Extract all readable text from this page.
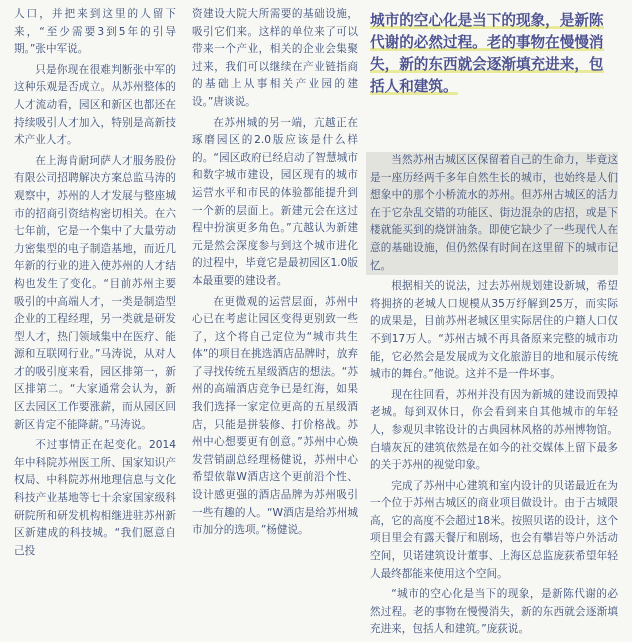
人口，并把来到这里的人留下来，“至少需要3到5年的引导期。”张中军说。

只是你现在很难判断张中军的这种乐观是否成立。从苏州整体的人才流动看，园区和新区也都还在持续吸引人才加入，特别是高新技术产业人才。

在上海肯耐珂萨人才服务股份有限公司招聘解决方案总监马涛的观察中，苏州的人才发展与整座城市的招商引资结构密切相关。在六七年前，它是一个集中了大量劳动力密集型的电子制造基地，而近几年新的行业的进入使苏州的人才结构也发生了变化。“目前苏州主要吸引的中高端人才，一类是制造型企业的工程经理，另一类就是研发型人才，热门领域集中在医疗、能源和互联网行业。”马涛说，从对人才的吸引度来看，园区排第一，新区排第二。“大家通常会认为，新区去园区工作要涨薪，而从园区回新区肯定不能降薪。”马涛说。

不过事情正在起变化。2014年中科院苏州医工所、国家知识产权局、中科院苏州地理信息与文化科技产业基地等七十余家国家级科研院所和研发机构相继进驻苏州新区新建成的科技城。“我们愿意自己投

资建设大院大所需要的基础设施，吸引它们来。这样的单位来了可以带来一个产业，相关的企业会集聚过来，我们可以继续在产业链指商的基础上从事相关产业园的建设。”唐谈说。

在苏州城的另一端，亢越正在琢磨园区的2.0版应该是什么样的。“园区政府已经启动了智慧城市和数字城市建设，园区现有的城市运营水平和市民的体验都能提升到一个新的层面上。新建元会在这过程中扮演更多角色。”亢越认为新建元是然会深度参与到这个城市进化的过程中，毕竟它是最初园区1.0版本最重要的建设者。

在更微观的运营层面，苏州中心已在考虑让园区变得更别致一些了，这个将自己定位为“城市共生体”的项目在挑选酒店品牌时，放弃了寻找传统五星级酒店的想法。“苏州的高端酒店竞争已是红海，如果我们选择一家定位更高的五星级酒店，只能是拼装修、打价格战。苏州中心想要更有创意。”苏州中心焕发营销副总经理杨健说，苏州中心希望依靠W酒店这个更前沿个性、设计感更强的酒店品牌为苏州吸引一些有趣的人。“W酒店是给苏州城市加分的选项。”杨健说。

城市的空心化是当下的现象，是新陈代谢的必然过程。老的事物在慢慢消失，新的东西就会逐渐填充进来，包括人和建筑。

当然苏州古城区区保留着自己的生命力，毕竟这是一座历经两千多年自然生长的城市，也始终是人们想象中的那个小桥流水的苏州。但苏州古城区的活力在于它杂乱交错的功能区、街边混杂的店招，或是下楼就能买到的烧饼油条。即使它缺少了一些现代人在意的基础设施，但仍然保有时间在这里留下的城市记忆。

根据相关的说法，过去苏州规划建设新城，希望将拥挤的老城人口规模从35万纾解到25万，而实际的成果是，目前苏州老城区里实际居住的户籍人口仅不到17万人。“苏州古城不再具备原来完整的城市功能，它必然会是发展成为文化旅游目的地和展示传统城市的舞台。”他说。这并不是一件坏事。

现在往回看，苏州并没有因为新城的建设而毁掉老城。每到双休日，你会看到来自其他城市的年轻人，参观贝聿铭设计的古典园林风格的苏州博物馆。白墙灰瓦的建筑依然是在如今的社交媒体上留下最多的关于苏州的视觉印象。

完成了苏州中心建筑和室内设计的贝诺最近在为一个位于苏州古城区的商业项目做设计。由于古城限高，它的高度不会超过18米。按照贝诺的设计，这个项目里会有露天餐厅和剧场，也会有攀岩等户外活动空间，贝诺建筑设计董事、上海区总监庞荻希望年轻人最终都能来使用这个空间。

“城市的空心化是当下的现象，是新陈代谢的必然过程。老的事物在慢慢消失，新的东西就会逐渐填充进来，包括人和建筑。”庞荻说。
